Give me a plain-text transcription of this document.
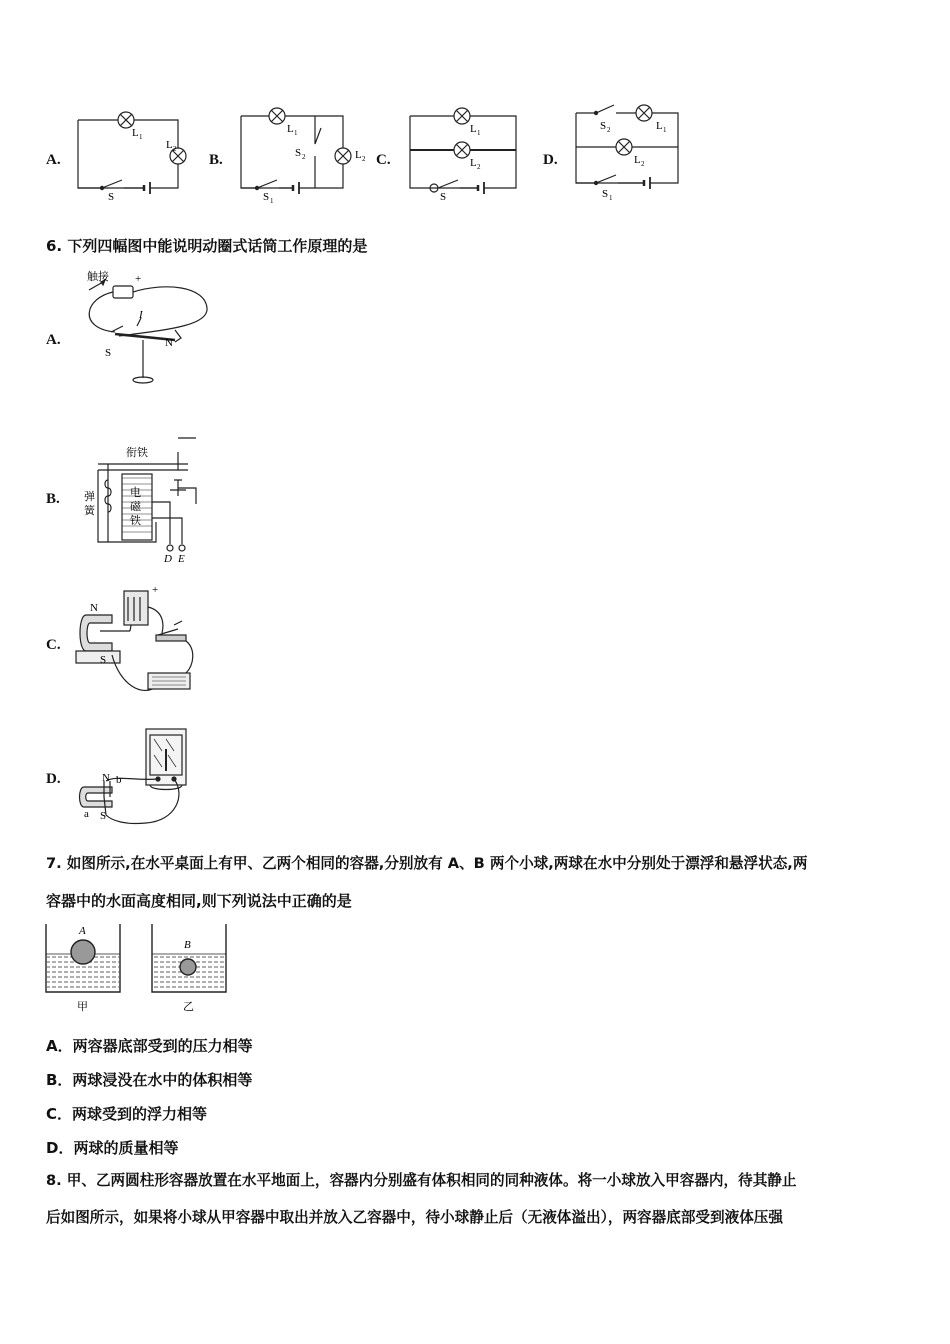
A.
L 1
L 2
S
B.
L 1
L 2
S 2
S 1
C.
L 1
L 2
S
D.
S 2	L 1
L 2
S 1
6. 下列四幅图中能说明动圈式话筒工作原理的是
A.
触接 +
I
S
N
B.
衔铁
弹
簧
电
磁
铁
D E
C.
N
S
+
D.	N b
a S
7. 如图所示,在水平桌面上有甲、乙两个相同的容器,分别放有 A、B 两个小球,两球在水中分别处于漂浮和悬浮状态,两
容器中的水面高度相同,则下列说法中正确的是
A
B
甲	乙
A．两容器底部受到的压力相等
B．两球浸没在水中的体积相等
C．两球受到的浮力相等
D．两球的质量相等
8. 甲、乙两圆柱形容器放置在水平地面上，容器内分别盛有体积相同的同种液体。将一小球放入甲容器内，待其静止
后如图所示，如果将小球从甲容器中取出并放入乙容器中，待小球静止后（无液体溢出），两容器底部受到液体压强
